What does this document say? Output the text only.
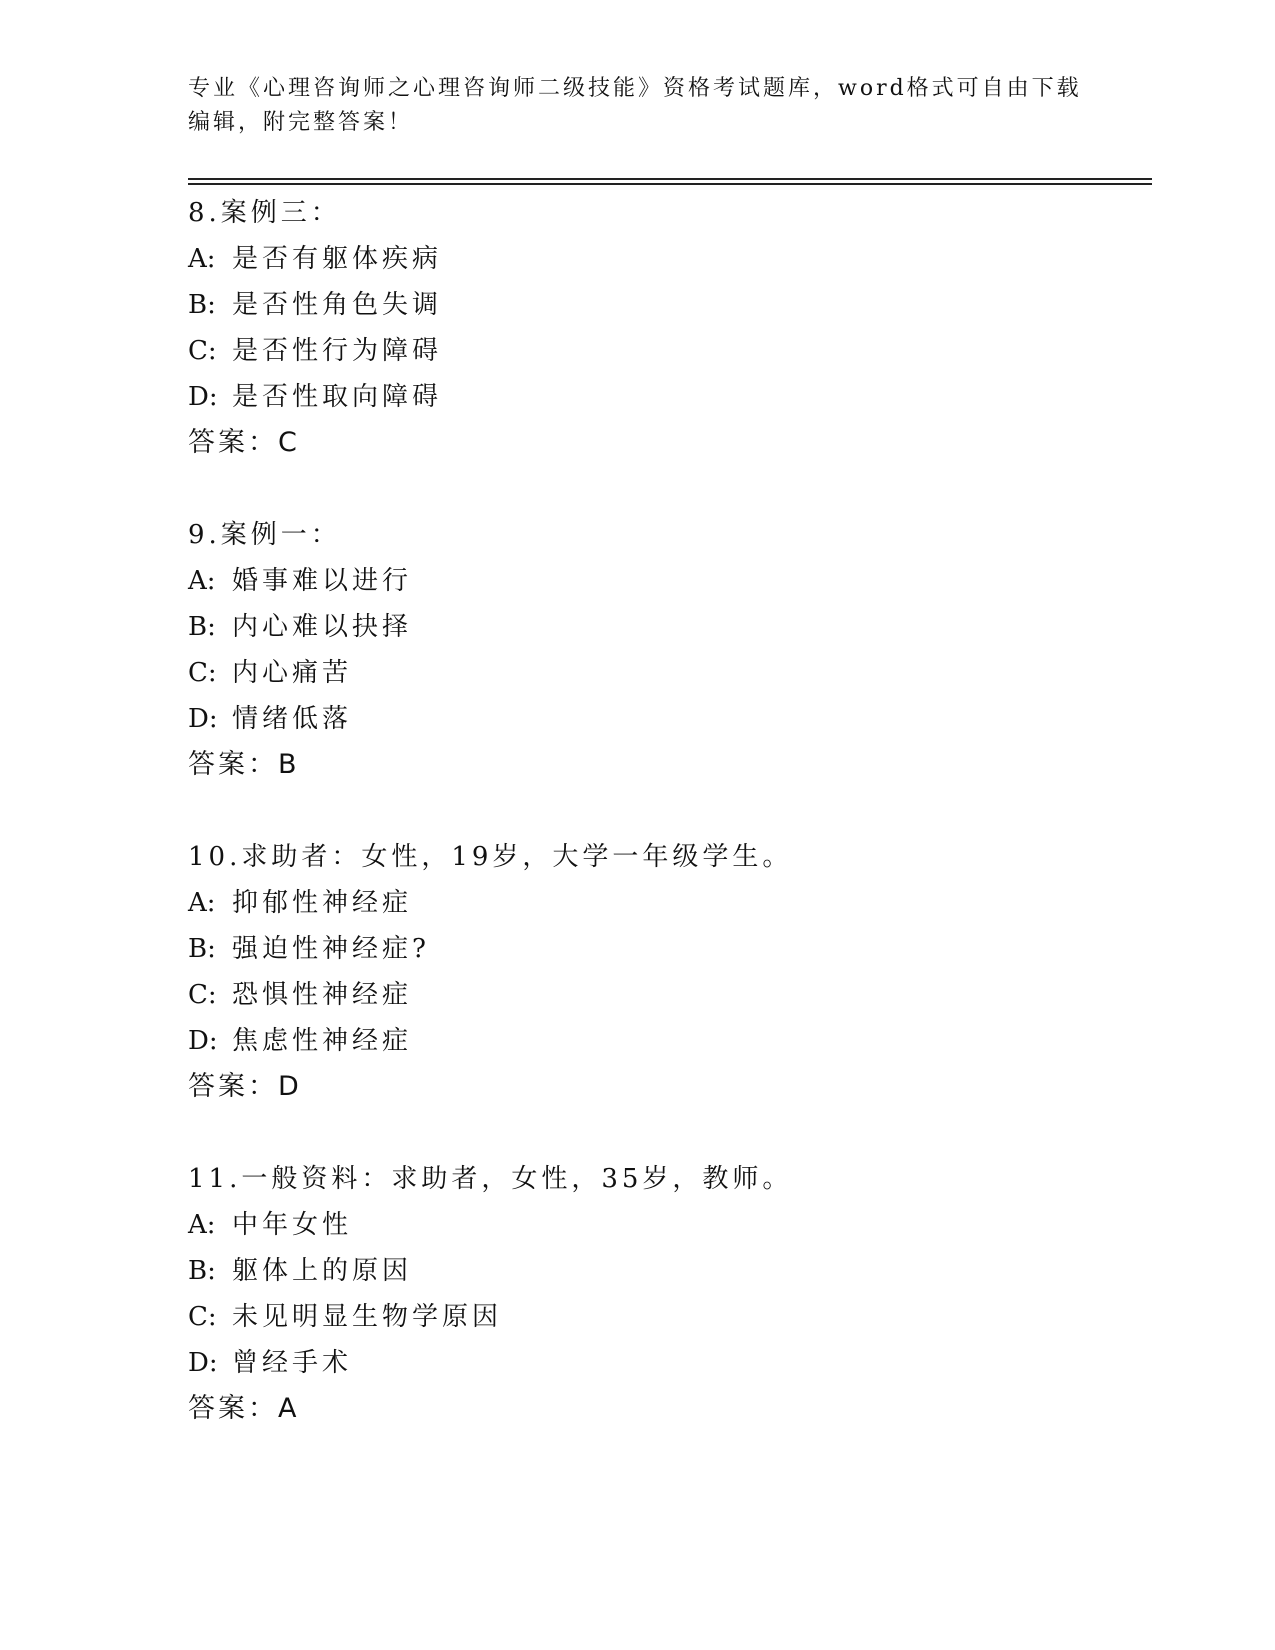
专业《心理咨询师之心理咨询师二级技能》资格考试题库，word格式可自由下载
编辑，附完整答案！
8.案例三：
A: 是否有躯体疾病
B: 是否性角色失调
C: 是否性行为障碍
D: 是否性取向障碍
答案：C
9.案例一：
A: 婚事难以进行
B: 内心难以抉择
C: 内心痛苦
D: 情绪低落
答案：B
10.求助者：女性，19岁，大学一年级学生。
A: 抑郁性神经症
B: 强迫性神经症?
C: 恐惧性神经症
D: 焦虑性神经症
答案：D
11.一般资料：求助者，女性，35岁，教师。
A: 中年女性
B: 躯体上的原因
C: 未见明显生物学原因
D: 曾经手术
答案：A
